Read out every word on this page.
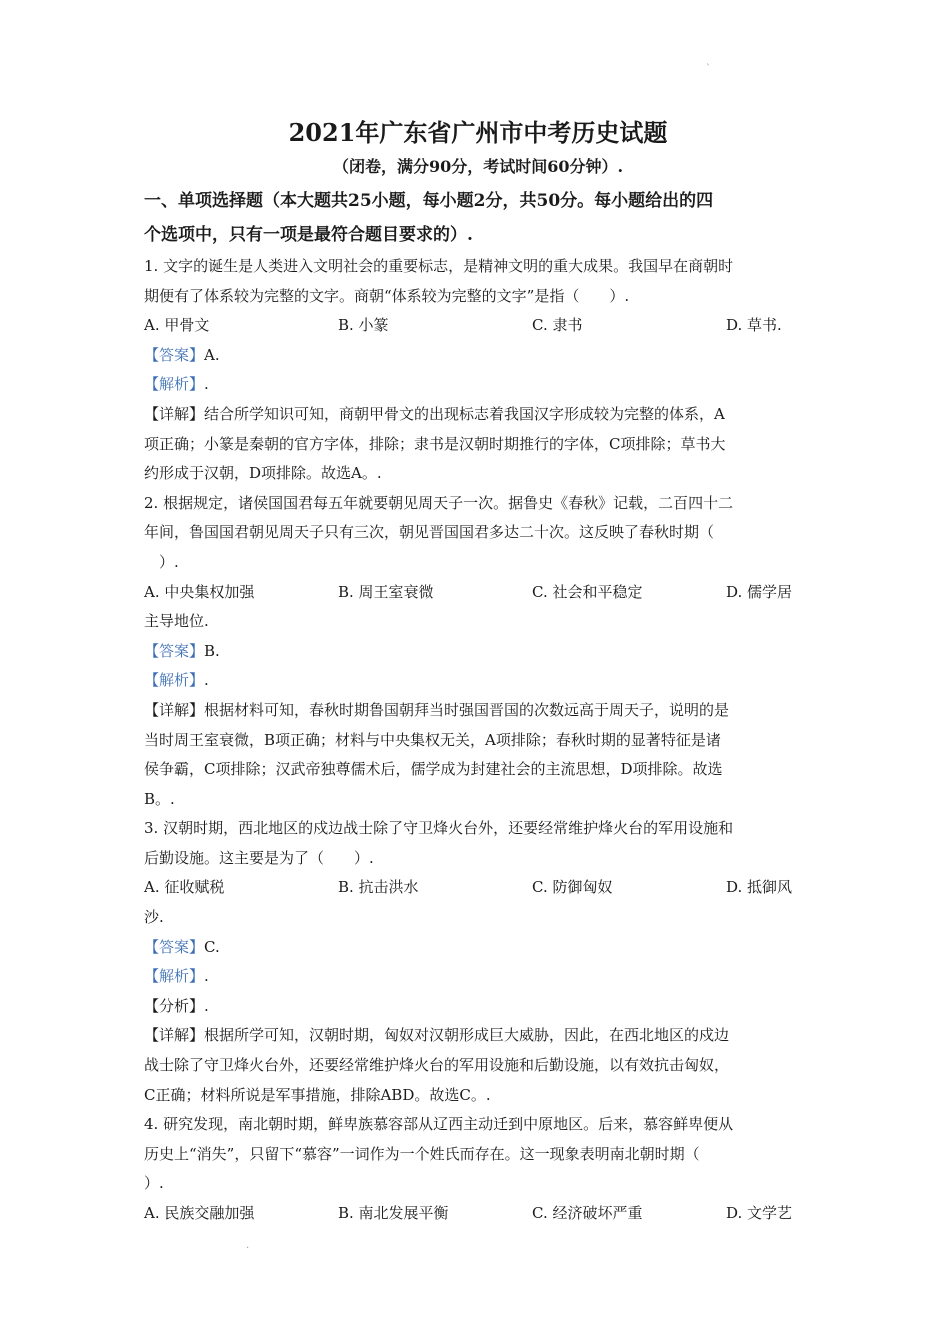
`
2021年广东省广州市中考历史试题
（闭卷，满分90分，考试时间60分钟）.
一、单项选择题（本大题共25小题，每小题2分，共50分。每小题给出的四
个选项中，只有一项是最符合题目要求的）.

1. 文字的诞生是人类进入文明社会的重要标志，是精神文明的重大成果。我国早在商朝时

期便有了体系较为完整的文字。商朝“体系较为完整的文字”是指（　　）.

A. 甲骨文	B. 小篆	C. 隶书	D. 草书.

【答案】A.

【解析】.

【详解】结合所学知识可知，商朝甲骨文的出现标志着我国汉字形成较为完整的体系，A

项正确；小篆是秦朝的官方字体，排除；隶书是汉朝时期推行的字体，C项排除；草书大

约形成于汉朝，D项排除。故选A。.

2. 根据规定，诸侯国国君每五年就要朝见周天子一次。据鲁史《春秋》记载，二百四十二

年间，鲁国国君朝见周天子只有三次，朝见晋国国君多达二十次。这反映了春秋时期（

　）.

A. 中央集权加强	B. 周王室衰微	C. 社会和平稳定	D. 儒学居

主导地位.

【答案】B.

【解析】.

【详解】根据材料可知，春秋时期鲁国朝拜当时强国晋国的次数远高于周天子，说明的是

当时周王室衰微，B项正确；材料与中央集权无关，A项排除；春秋时期的显著特征是诸

侯争霸，C项排除；汉武帝独尊儒术后，儒学成为封建社会的主流思想，D项排除。故选

B。.

3. 汉朝时期，西北地区的戍边战士除了守卫烽火台外，还要经常维护烽火台的军用设施和

后勤设施。这主要是为了（　　）.

A. 征收赋税	B. 抗击洪水	C. 防御匈奴	D. 抵御风

沙.

【答案】C.

【解析】.

【分析】.

【详解】根据所学可知，汉朝时期，匈奴对汉朝形成巨大威胁，因此，在西北地区的戍边

战士除了守卫烽火台外，还要经常维护烽火台的军用设施和后勤设施，以有效抗击匈奴，

C正确；材料所说是军事措施，排除ABD。故选C。.

4. 研究发现，南北朝时期，鲜卑族慕容部从辽西主动迁到中原地区。后来，慕容鲜卑便从

历史上“消失”，只留下“慕容”一词作为一个姓氏而存在。这一现象表明南北朝时期（

）.

A. 民族交融加强	B. 南北发展平衡	C. 经济破坏严重	D. 文学艺
.
